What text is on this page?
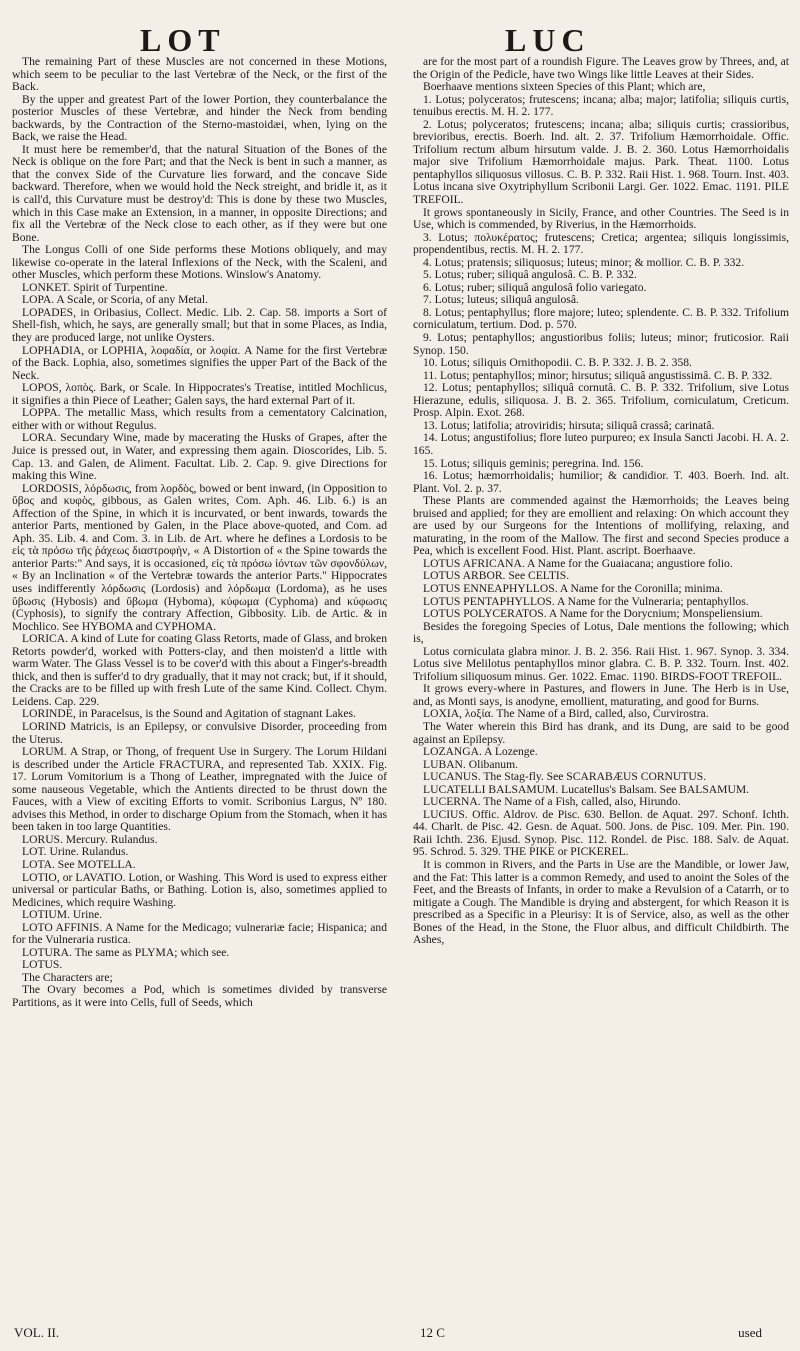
LOT	LUC

The remaining Part of these Muscles are not concerned in these Motions, which seem to be peculiar to the last Vertebræ of the Neck, or the first of the Back.

By the upper and greatest Part of the lower Portion, they counterbalance the posterior Muscles of these Vertebræ, and hinder the Neck from bending backwards, by the Contraction of the Sterno-mastoidæi, when, lying on the Back, we raise the Head.

It must here be remember'd, that the natural Situation of the Bones of the Neck is oblique on the fore Part; and that the Neck is bent in such a manner, as that the convex Side of the Curvature lies forward, and the concave Side backward. Therefore, when we would hold the Neck streight, and bridle it, as it is call'd, this Curvature must be destroy'd: This is done by these two Muscles, which in this Case make an Extension, in a manner, in opposite Directions; and fix all the Vertebræ of the Neck close to each other, as if they were but one Bone.

The Longus Colli of one Side performs these Motions obliquely, and may likewise co-operate in the lateral Inflexions of the Neck, with the Scaleni, and other Muscles, which perform these Motions. Winslow's Anatomy.

LONKET. Spirit of Turpentine.

LOPA. A Scale, or Scoria, of any Metal.

LOPADES, in Oribasius, Collect. Medic. Lib. 2. Cap. 58. imports a Sort of Shell-fish, which, he says, are generally small; but that in some Places, as India, they are produced large, not unlike Oysters.

LOPHADIA, or LOPHIA, λοφαδία, or λοφία. A Name for the first Vertebræ of the Back. Lophia, also, sometimes signifies the upper Part of the Back of the Neck.

LOPOS, λοπὸς. Bark, or Scale. In Hippocrates's Treatise, intitled Mochlicus, it signifies a thin Piece of Leather; Galen says, the hard external Part of it.

LOPPA. The metallic Mass, which results from a cementatory Calcination, either with or without Regulus.

LORA. Secundary Wine, made by macerating the Husks of Grapes, after the Juice is pressed out, in Water, and expressing them again. Dioscorides, Lib. 5. Cap. 13. and Galen, de Aliment. Facultat. Lib. 2. Cap. 9. give Directions for making this Wine.

LORDOSIS, λόρδωσις, from λορδὸς, bowed or bent inward, (in Opposition to ὕβος and κυφὸς, gibbous, as Galen writes, Com. Aph. 46. Lib. 6.) is an Affection of the Spine, in which it is incurvated, or bent inwards, towards the anterior Parts, mentioned by Galen, in the Place above-quoted, and Com. ad Aph. 35. Lib. 4. and Com. 3. in Lib. de Art. where he defines a Lordosis to be εἰς τὰ πρόσω τῆς ῥάχεως διαστροφὴν, « A Distortion of « the Spine towards the anterior Parts:" And says, it is occasioned, εἰς τὰ πρόσω ἰόντων τῶν σφονδύλων, « By an Inclination « of the Vertebræ towards the anterior Parts." Hippocrates uses indifferently λόρδωσις (Lordosis) and λόρδωμα (Lordoma), as he uses ὕβωσις (Hybosis) and ὕβωμα (Hyboma), κύφωμα (Cyphoma) and κύφωσις (Cyphosis), to signify the contrary Affection, Gibbosity. Lib. de Artic. & in Mochlico. See HYBOMA and CYPHOMA.

LORICA. A kind of Lute for coating Glass Retorts, made of Glass, and broken Retorts powder'd, worked with Potters-clay, and then moisten'd a little with warm Water. The Glass Vessel is to be cover'd with this about a Finger's-breadth thick, and then is suffer'd to dry gradually, that it may not crack; but, if it should, the Cracks are to be filled up with fresh Lute of the same Kind. Collect. Chym. Leidens. Cap. 229.

LORINDE, in Paracelsus, is the Sound and Agitation of stagnant Lakes.

LORIND Matricis, is an Epilepsy, or convulsive Disorder, proceeding from the Uterus.

LORUM. A Strap, or Thong, of frequent Use in Surgery. The Lorum Hildani is described under the Article FRACTURA, and represented Tab. XXIX. Fig. 17. Lorum Vomitorium is a Thong of Leather, impregnated with the Juice of some nauseous Vegetable, which the Antients directed to be thrust down the Fauces, with a View of exciting Efforts to vomit. Scribonius Largus, Nº 180. advises this Method, in order to discharge Opium from the Stomach, when it has been taken in too large Quantities.

LORUS. Mercury. Rulandus.

LOT. Urine. Rulandus.

LOTA. See MOTELLA.

LOTIO, or LAVATIO. Lotion, or Washing. This Word is used to express either universal or particular Baths, or Bathing. Lotion is, also, sometimes applied to Medicines, which require Washing.

LOTIUM. Urine.

LOTO AFFINIS. A Name for the Medicago; vulnerariæ facie; Hispanica; and for the Vulneraria rustica.

LOTURA. The same as PLYMA; which see.

LOTUS.

The Characters are;

The Ovary becomes a Pod, which is sometimes divided by transverse Partitions, as it were into Cells, full of Seeds, which

are for the most part of a roundish Figure. The Leaves grow by Threes, and, at the Origin of the Pedicle, have two Wings like little Leaves at their Sides.

Boerhaave mentions sixteen Species of this Plant; which are,

1. Lotus; polyceratos; frutescens; incana; alba; major; latifolia; siliquis curtis, tenuibus erectis. M. H. 2. 177.

2. Lotus; polyceratos; frutescens; incana; alba; siliquis curtis; crassioribus, brevioribus, erectis. Boerh. Ind. alt. 2. 37. Trifolium Hæmorrhoidale. Offic. Trifolium rectum album hirsutum valde. J. B. 2. 360. Lotus Hæmorrhoidalis major sive Trifolium Hæmorrhoidale majus. Park. Theat. 1100. Lotus pentaphyllos siliquosus villosus. C. B. P. 332. Raii Hist. 1. 968. Tourn. Inst. 403. Lotus incana sive Oxytriphyllum Scribonii Largi. Ger. 1022. Emac. 1191. PILE TREFOIL.

It grows spontaneously in Sicily, France, and other Countries. The Seed is in Use, which is commended, by Riverius, in the Hæmorrhoids.

3. Lotus; πολυκέρατος; frutescens; Cretica; argentea; siliquis longissimis, propendentibus, rectis. M. H. 2. 177.

4. Lotus; pratensis; siliquosus; luteus; minor; & mollior. C. B. P. 332.

5. Lotus; ruber; siliquâ angulosâ. C. B. P. 332.

6. Lotus; ruber; siliquâ angulosâ folio variegato.

7. Lotus; luteus; siliquâ angulosâ.

8. Lotus; pentaphyllus; flore majore; luteo; splendente. C. B. P. 332. Trifolium corniculatum, tertium. Dod. p. 570.

9. Lotus; pentaphyllos; angustioribus foliis; luteus; minor; fruticosior. Raii Synop. 150.

10. Lotus; siliquis Ornithopodii. C. B. P. 332. J. B. 2. 358.

11. Lotus; pentaphyllos; minor; hirsutus; siliquâ angustissimâ. C. B. P. 332.

12. Lotus; pentaphyllos; siliquâ cornutâ. C. B. P. 332. Trifolium, sive Lotus Hierazune, edulis, siliquosa. J. B. 2. 365. Trifolium, corniculatum, Creticum. Prosp. Alpin. Exot. 268.

13. Lotus; latifolia; atroviridis; hirsuta; siliquâ crassâ; carinatâ.

14. Lotus; angustifolius; flore luteo purpureo; ex Insula Sancti Jacobi. H. A. 2. 165.

15. Lotus; siliquis geminis; peregrina. Ind. 156.

16. Lotus; hæmorrhoidalis; humilior; & candidior. T. 403. Boerh. Ind. alt. Plant. Vol. 2. p. 37.

These Plants are commended against the Hæmorrhoids; the Leaves being bruised and applied; for they are emollient and relaxing: On which account they are used by our Surgeons for the Intentions of mollifying, relaxing, and maturating, in the room of the Mallow. The first and second Species produce a Pea, which is excellent Food. Hist. Plant. ascript. Boerhaave.

LOTUS AFRICANA. A Name for the Guaiacana; angustiore folio.

LOTUS ARBOR. See CELTIS.

LOTUS ENNEAPHYLLOS. A Name for the Coronilla; minima.

LOTUS PENTAPHYLLOS. A Name for the Vulneraria; pentaphyllos.

LOTUS POLYCERATOS. A Name for the Dorycnium; Monspeliensium.

Besides the foregoing Species of Lotus, Dale mentions the following; which is,

Lotus corniculata glabra minor. J. B. 2. 356. Raii Hist. 1. 967. Synop. 3. 334. Lotus sive Melilotus pentaphyllos minor glabra. C. B. P. 332. Tourn. Inst. 402. Trifolium siliquosum minus. Ger. 1022. Emac. 1190. BIRDS-FOOT TREFOIL.

It grows every-where in Pastures, and flowers in June. The Herb is in Use, and, as Monti says, is anodyne, emollient, maturating, and good for Burns.

LOXIA, λοξία. The Name of a Bird, called, also, Curvirostra.

The Water wherein this Bird has drank, and its Dung, are said to be good against an Epilepsy.

LOZANGA. A Lozenge.

LUBAN. Olibanum.

LUCANUS. The Stag-fly. See SCARABÆUS CORNUTUS.

LUCATELLI BALSAMUM. Lucatellus's Balsam. See BALSAMUM.

LUCERNA. The Name of a Fish, called, also, Hirundo.

LUCIUS. Offic. Aldrov. de Pisc. 630. Bellon. de Aquat. 297. Schonf. Ichth. 44. Charlt. de Pisc. 42. Gesn. de Aquat. 500. Jons. de Pisc. 109. Mer. Pin. 190. Raii Ichth. 236. Ejusd. Synop. Pisc. 112. Rondel. de Pisc. 188. Salv. de Aquat. 95. Schrod. 5. 329. THE PIKE or PICKEREL.

It is common in Rivers, and the Parts in Use are the Mandible, or lower Jaw, and the Fat: This latter is a common Remedy, and used to anoint the Soles of the Feet, and the Breasts of Infants, in order to make a Revulsion of a Catarrh, or to mitigate a Cough. The Mandible is drying and abstergent, for which Reason it is prescribed as a Specific in a Pleurisy: It is of Service, also, as well as the other Bones of the Head, in the Stone, the Fluor albus, and difficult Childbirth. The Ashes,

VOL. II.	12 C	used
